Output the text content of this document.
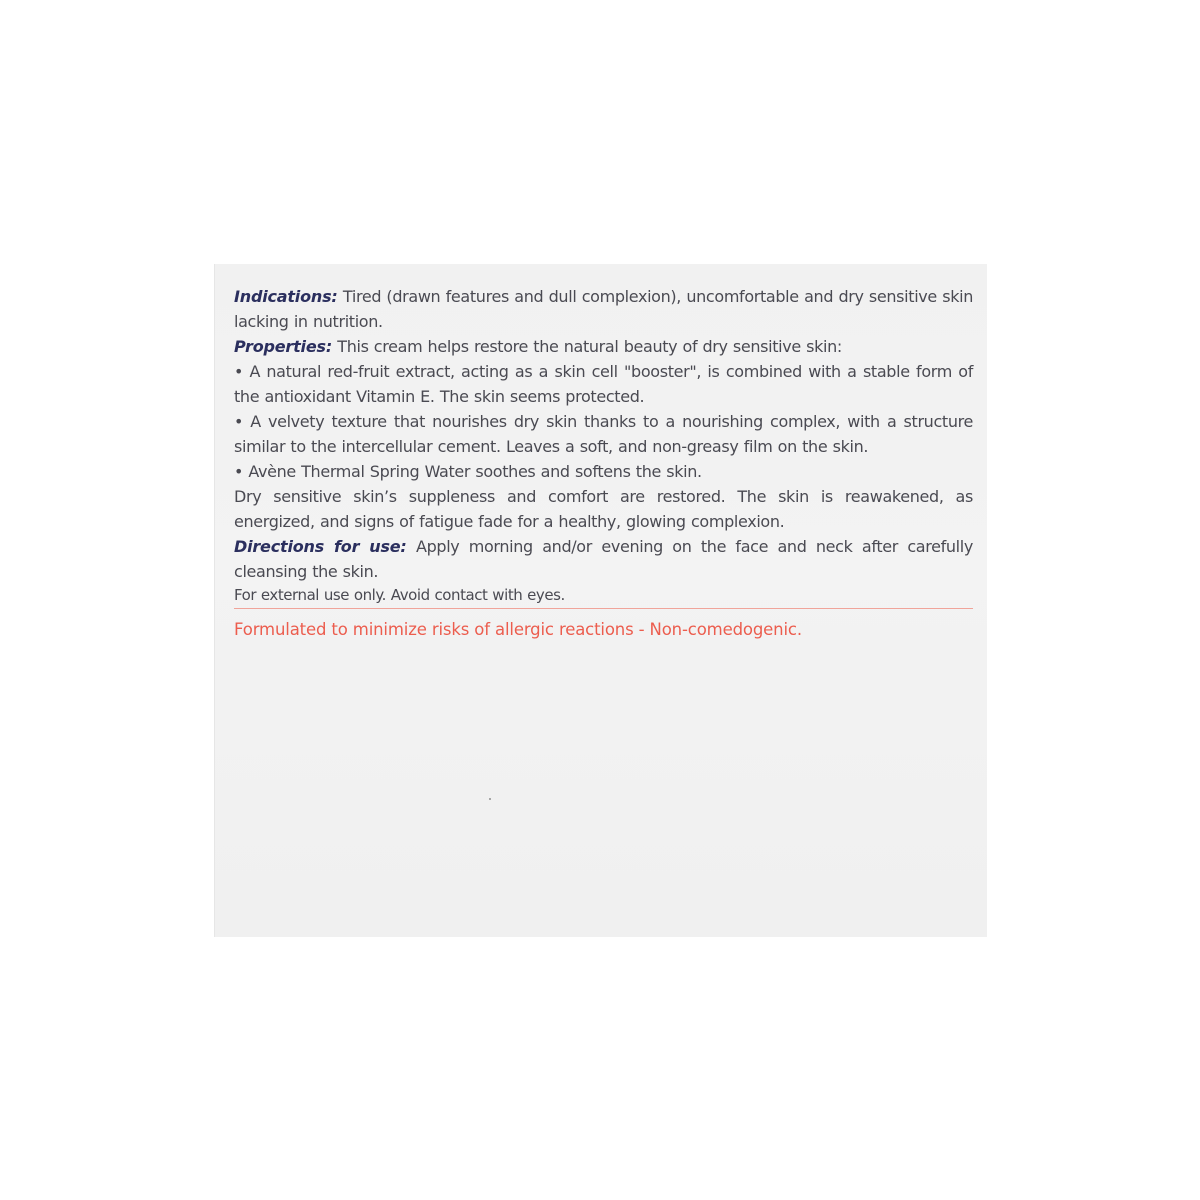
Indications: Tired (drawn features and dull complexion), uncomfortable and dry sensitive skin lacking in nutrition.

Properties: This cream helps restore the natural beauty of dry sensitive skin:

• A natural red-fruit extract, acting as a skin cell "booster", is combined with a stable form of the antioxidant Vitamin E. The skin seems protected.

• A velvety texture that nourishes dry skin thanks to a nourishing complex, with a structure similar to the intercellular cement. Leaves a soft, and non-greasy film on the skin.

• Avène Thermal Spring Water soothes and softens the skin.

Dry sensitive skin’s suppleness and comfort are restored. The skin is reawakened, as energized, and signs of fatigue fade for a healthy, glowing complexion.

Directions for use: Apply morning and/or evening on the face and neck after carefully cleansing the skin.

For external use only. Avoid contact with eyes.

Formulated to minimize risks of allergic reactions - Non-comedogenic.
